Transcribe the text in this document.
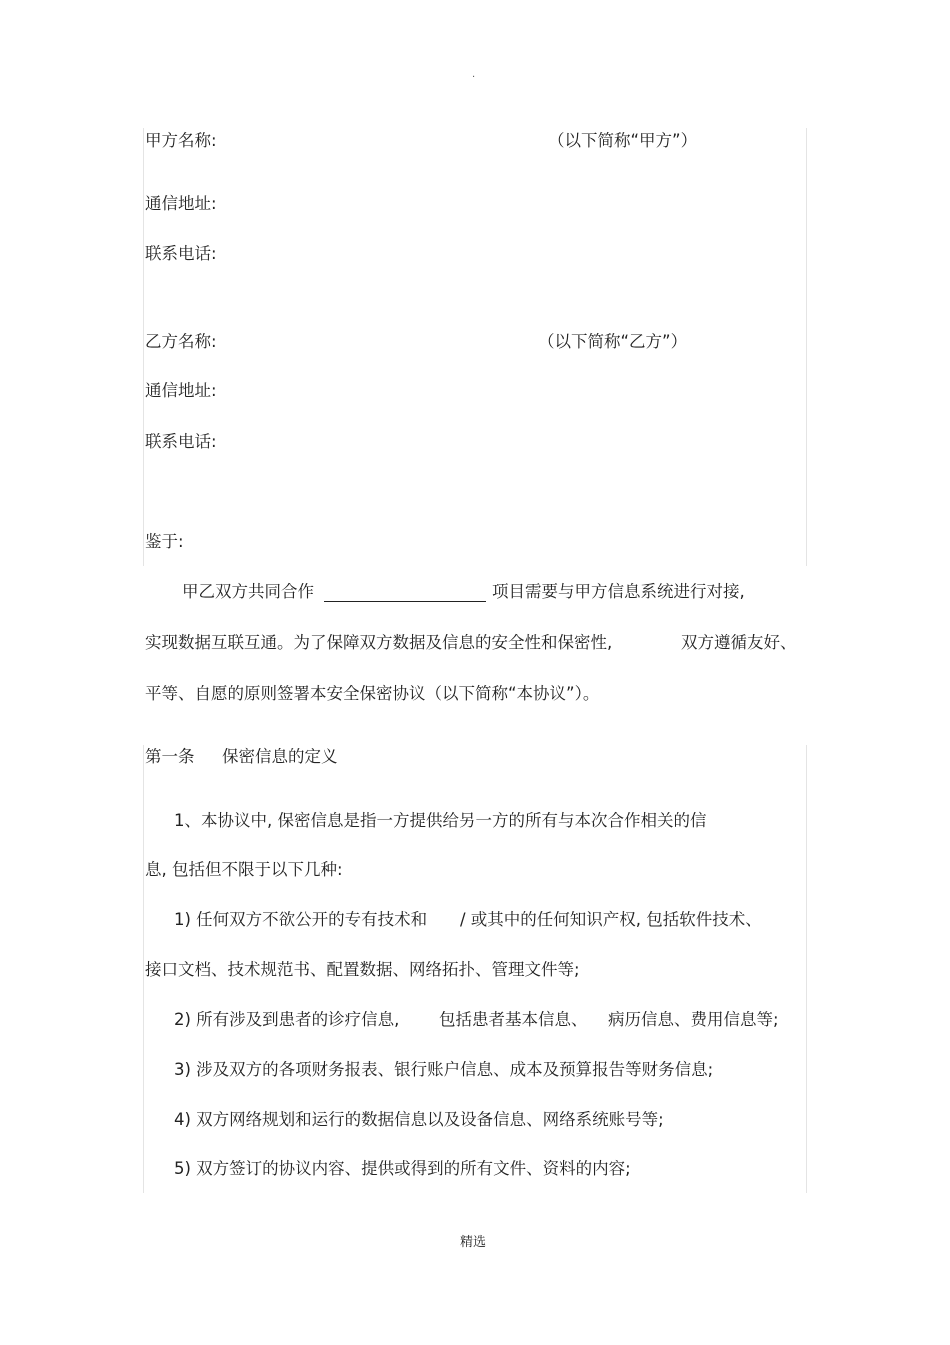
·
甲方名称:	（以下简称“甲方”）
通信地址:
联系电话:
乙方名称:	（以下简称“乙方”）
通信地址:
联系电话:
鉴于:
甲乙双方共同合作	项目需要与甲方信息系统进行对接,
实现数据互联互通。为了保障双方数据及信息的安全性和保密性,	双方遵循友好、
平等、自愿的原则签署本安全保密协议（以下简称“本协议”）。
第一条 保密信息的定义
1、本协议中, 保密信息是指一方提供给另一方的所有与本次合作相关的信
息, 包括但不限于以下几种:
1) 任何双方不欲公开的专有技术和 / 或其中的任何知识产权, 包括软件技术、
接口文档、技术规范书、配置数据、网络拓扑、管理文件等;
2) 所有涉及到患者的诊疗信息, 包括患者基本信息、 病历信息、费用信息等;
3) 涉及双方的各项财务报表、银行账户信息、成本及预算报告等财务信息;
4) 双方网络规划和运行的数据信息以及设备信息、网络系统账号等;
5) 双方签订的协议内容、提供或得到的所有文件、资料的内容;
精选
